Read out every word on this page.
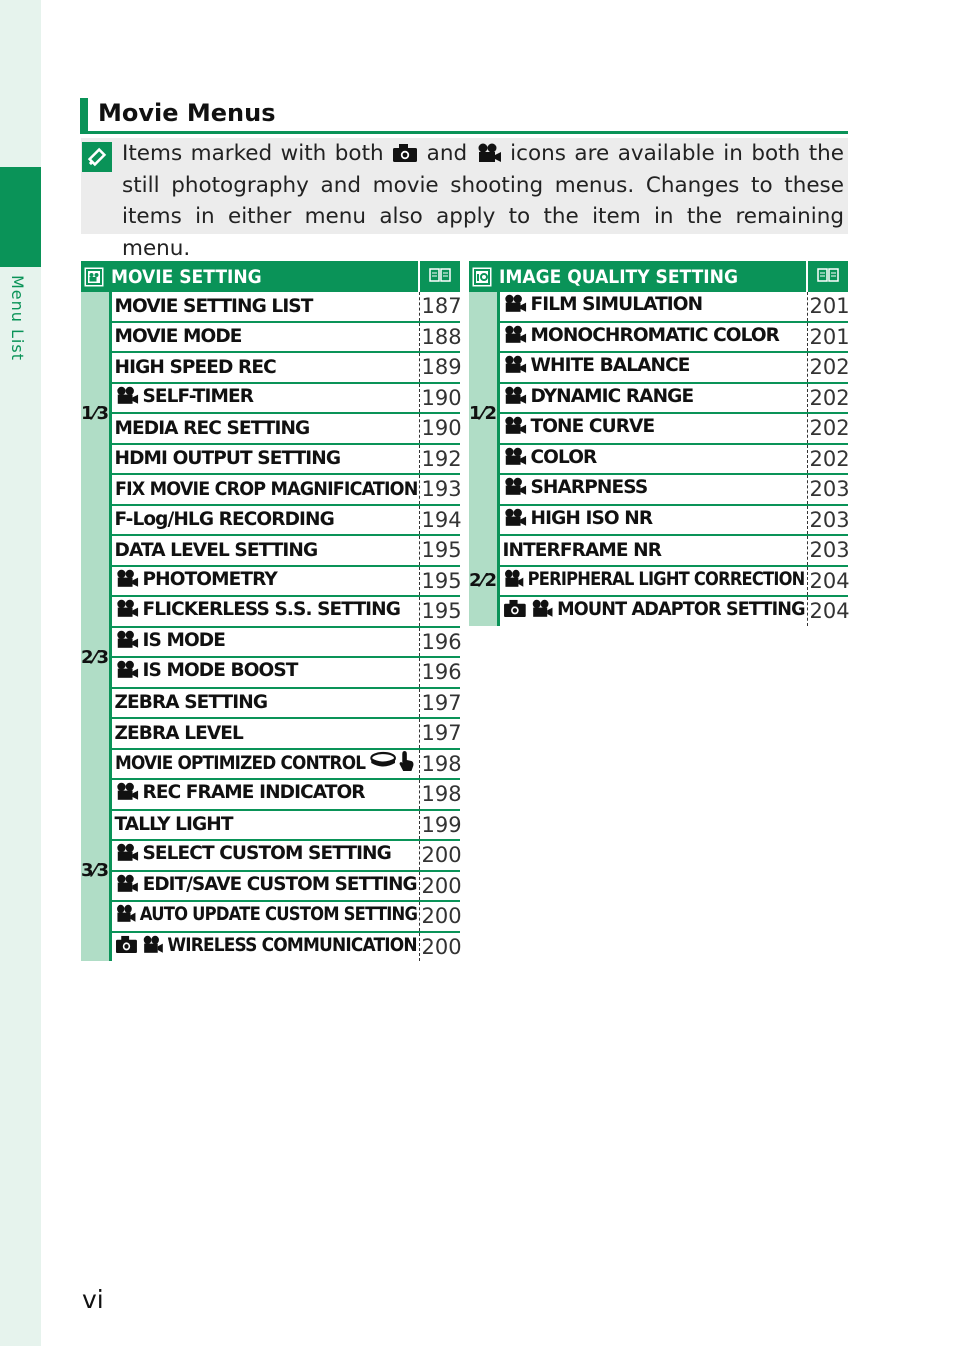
Menu List
Movie Menus
Items marked with both and icons are available in both the still photography and movie shooting menus. Changes to these items in either menu also apply to the item in the remaining menu.
MOVIE SETTING

1⁄3	MOVIE SETTING LIST	187
	MOVIE MODE	188
	HIGH SPEED REC	189
	SELF-TIMER	190
	MEDIA REC SETTING	190
	HDMI OUTPUT SETTING	192
	FIX MOVIE CROP MAGNIFICATION	193
	F-Log/HLG RECORDING	194
2⁄3	DATA LEVEL SETTING	195
	PHOTOMETRY	195
	FLICKERLESS S.S. SETTING	195
	IS MODE	196
	IS MODE BOOST	196
	ZEBRA SETTING	197
	ZEBRA LEVEL	197
	MOVIE OPTIMIZED CONTROL	198
3⁄3	REC FRAME INDICATOR	198
	TALLY LIGHT	199
	SELECT CUSTOM SETTING	200
	EDIT/SAVE CUSTOM SETTING	200
	AUTO UPDATE CUSTOM SETTING	200
	WIRELESS COMMUNICATION	200
IMAGE QUALITY SETTING

1⁄2	FILM SIMULATION	201
	MONOCHROMATIC COLOR	201
	WHITE BALANCE	202
	DYNAMIC RANGE	202
	TONE CURVE	202
	COLOR	202
	SHARPNESS	203
	HIGH ISO NR	203
2⁄2	INTERFRAME NR	203
	PERIPHERAL LIGHT CORRECTION	204
	MOUNT ADAPTOR SETTING	204
vi
